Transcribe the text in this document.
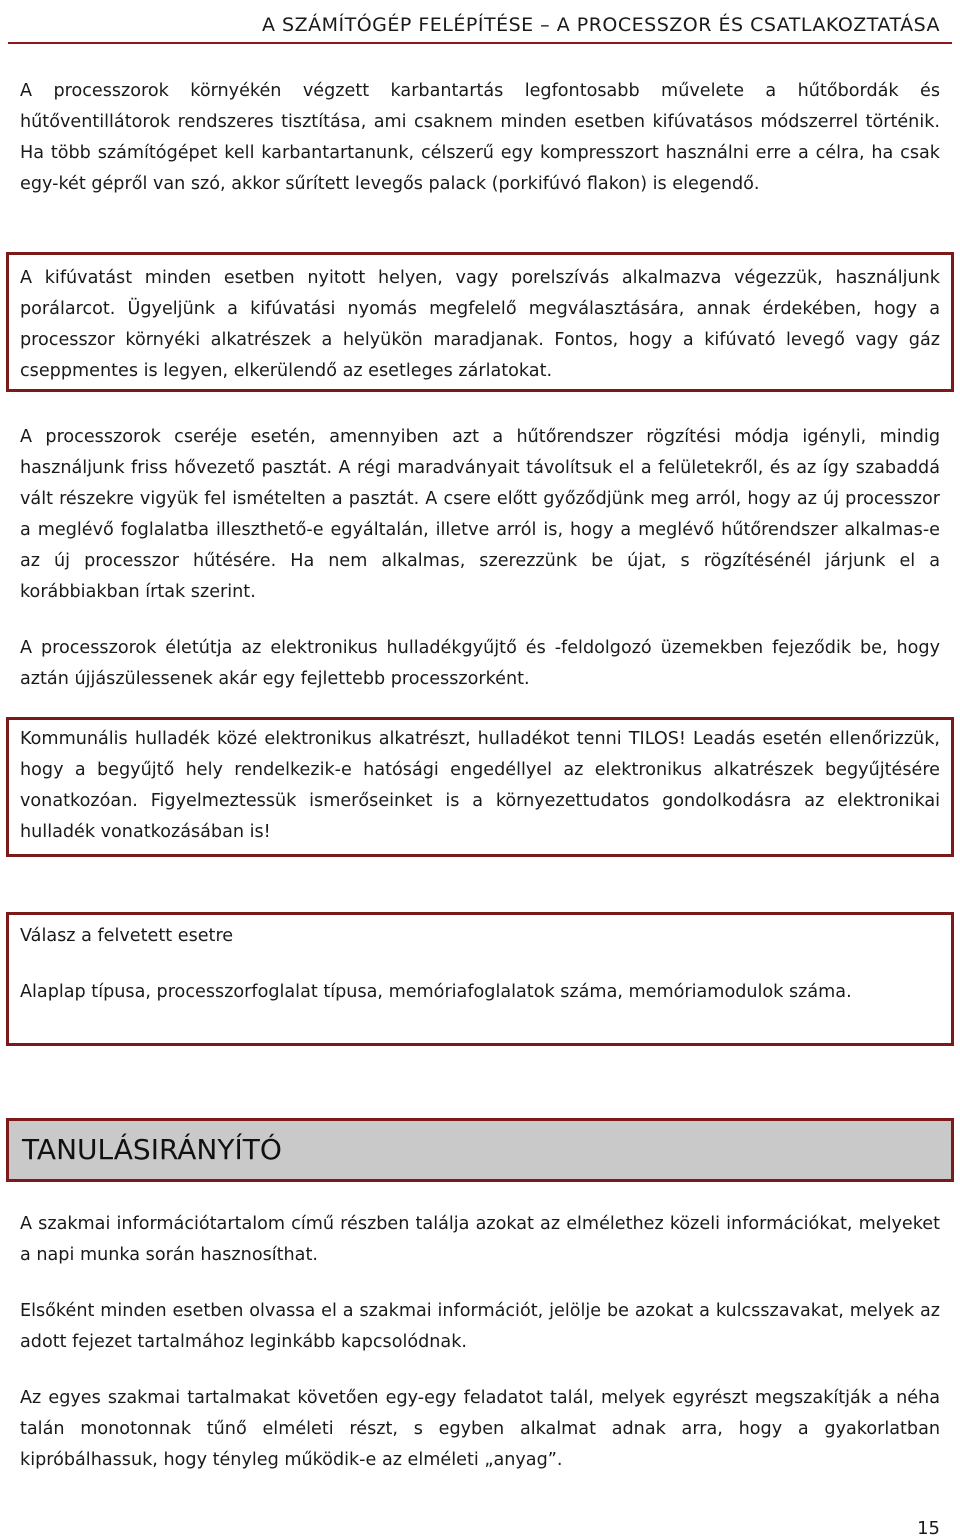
A SZÁMÍTÓGÉP FELÉPÍTÉSE – A PROCESSZOR ÉS CSATLAKOZTATÁSA

A processzorok környékén végzett karbantartás legfontosabb művelete a hűtőbordák és hűtőventillátorok rendszeres tisztítása, ami csaknem minden esetben kifúvatásos módszerrel történik. Ha több számítógépet kell karbantartanunk, célszerű egy kompresszort használni erre a célra, ha csak egy-két gépről van szó, akkor sűrített levegős palack (porkifúvó flakon) is elegendő.

A kifúvatást minden esetben nyitott helyen, vagy porelszívás alkalmazva végezzük, használjunk porálarcot. Ügyeljünk a kifúvatási nyomás megfelelő megválasztására, annak érdekében, hogy a processzor környéki alkatrészek a helyükön maradjanak. Fontos, hogy a kifúvató levegő vagy gáz cseppmentes is legyen, elkerülendő az esetleges zárlatokat.

A processzorok cseréje esetén, amennyiben azt a hűtőrendszer rögzítési módja igényli, mindig használjunk friss hővezető pasztát. A régi maradványait távolítsuk el a felületekről, és az így szabaddá vált részekre vigyük fel ismételten a pasztát. A csere előtt győződjünk meg arról, hogy az új processzor a meglévő foglalatba illeszthető-e egyáltalán, illetve arról is, hogy a meglévő hűtőrendszer alkalmas-e az új processzor hűtésére. Ha nem alkalmas, szerezzünk be újat, s rögzítésénél járjunk el a korábbiakban írtak szerint.

A processzorok életútja az elektronikus hulladékgyűjtő és -feldolgozó üzemekben fejeződik be, hogy aztán újjászülessenek akár egy fejlettebb processzorként.

Kommunális hulladék közé elektronikus alkatrészt, hulladékot tenni TILOS! Leadás esetén ellenőrizzük, hogy a begyűjtő hely rendelkezik-e hatósági engedéllyel az elektronikus alkatrészek begyűjtésére vonatkozóan. Figyelmeztessük ismerőseinket is a környezettudatos gondolkodásra az elektronikai hulladék vonatkozásában is!

Válasz a felvetett esetre

Alaplap típusa, processzorfoglalat típusa, memóriafoglalatok száma, memóriamodulok száma.

TANULÁSIRÁNYÍTÓ

A szakmai információtartalom című részben találja azokat az elmélethez közeli információkat, melyeket a napi munka során hasznosíthat.

Elsőként minden esetben olvassa el a szakmai információt, jelölje be azokat a kulcsszavakat, melyek az adott fejezet tartalmához leginkább kapcsolódnak.

Az egyes szakmai tartalmakat követően egy-egy feladatot talál, melyek egyrészt megszakítják a néha talán monotonnak tűnő elméleti részt, s egyben alkalmat adnak arra, hogy a gyakorlatban kipróbálhassuk, hogy tényleg működik-e az elméleti „anyag”.

15
